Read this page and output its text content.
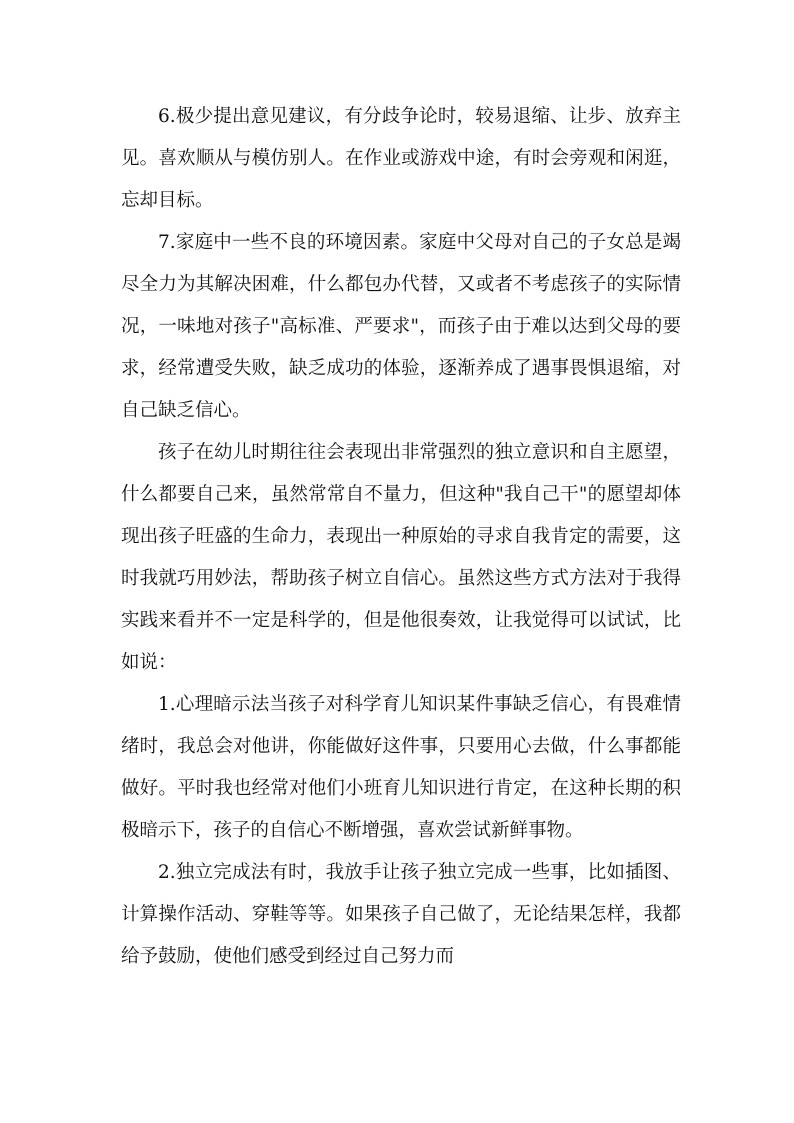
6.极少提出意见建议，有分歧争论时，较易退缩、让步、放弃主见。喜欢顺从与模仿别人。在作业或游戏中途，有时会旁观和闲逛，忘却目标。

7.家庭中一些不良的环境因素。家庭中父母对自己的子女总是竭尽全力为其解决困难，什么都包办代替，又或者不考虑孩子的实际情况，一味地对孩子"高标准、严要求"，而孩子由于难以达到父母的要求，经常遭受失败，缺乏成功的体验，逐渐养成了遇事畏惧退缩，对自己缺乏信心。

孩子在幼儿时期往往会表现出非常强烈的独立意识和自主愿望，什么都要自己来，虽然常常自不量力，但这种"我自己干"的愿望却体现出孩子旺盛的生命力，表现出一种原始的寻求自我肯定的需要，这时我就巧用妙法，帮助孩子树立自信心。虽然这些方式方法对于我得实践来看并不一定是科学的，但是他很奏效，让我觉得可以试试，比如说：

1.心理暗示法当孩子对科学育儿知识某件事缺乏信心，有畏难情绪时，我总会对他讲，你能做好这件事，只要用心去做，什么事都能做好。平时我也经常对他们小班育儿知识进行肯定，在这种长期的积极暗示下，孩子的自信心不断增强，喜欢尝试新鲜事物。

2.独立完成法有时，我放手让孩子独立完成一些事，比如插图、计算操作活动、穿鞋等等。如果孩子自己做了，无论结果怎样，我都给予鼓励，使他们感受到经过自己努力而
